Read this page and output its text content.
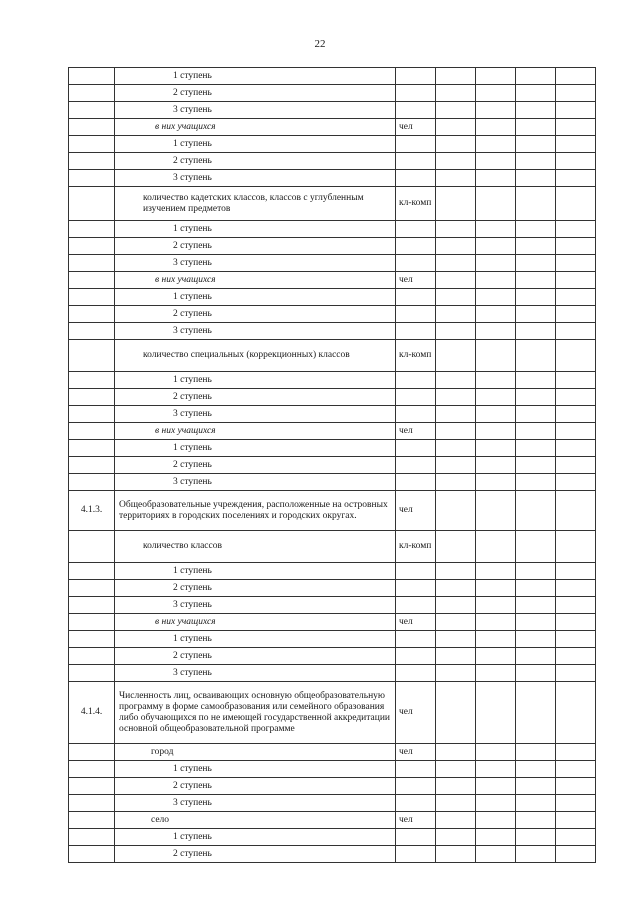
22
	1 ступень					
	2 ступень					
	3 ступень					
	в них учащихся	чел				
	1 ступень					
	2 ступень					
	3 ступень					
	количество кадетских классов, классов с углубленным изучением предметов	кл-комп				
	1 ступень					
	2 ступень					
	3 ступень					
	в них учащихся	чел				
	1 ступень					
	2 ступень					
	3 ступень					
	количество специальных (коррекционных) классов	кл-комп				
	1 ступень					
	2 ступень					
	3 ступень					
	в них учащихся	чел				
	1 ступень					
	2 ступень					
	3 ступень					
4.1.3.	Общеобразовательные учреждения, расположенные на островных территориях в городских поселениях и городских округах.	чел				
	количество классов	кл-комп				
	1 ступень					
	2 ступень					
	3 ступень					
	в них учащихся	чел				
	1 ступень					
	2 ступень					
	3 ступень					
4.1.4.	Численность лиц, осваивающих основную общеобразовательную программу в форме самообразования или семейного образования либо обучающихся по не имеющей государственной аккредитации основной общеобразовательной программе	чел				
	город	чел				
	1 ступень					
	2 ступень					
	3 ступень					
	село	чел				
	1 ступень					
	2 ступень					
